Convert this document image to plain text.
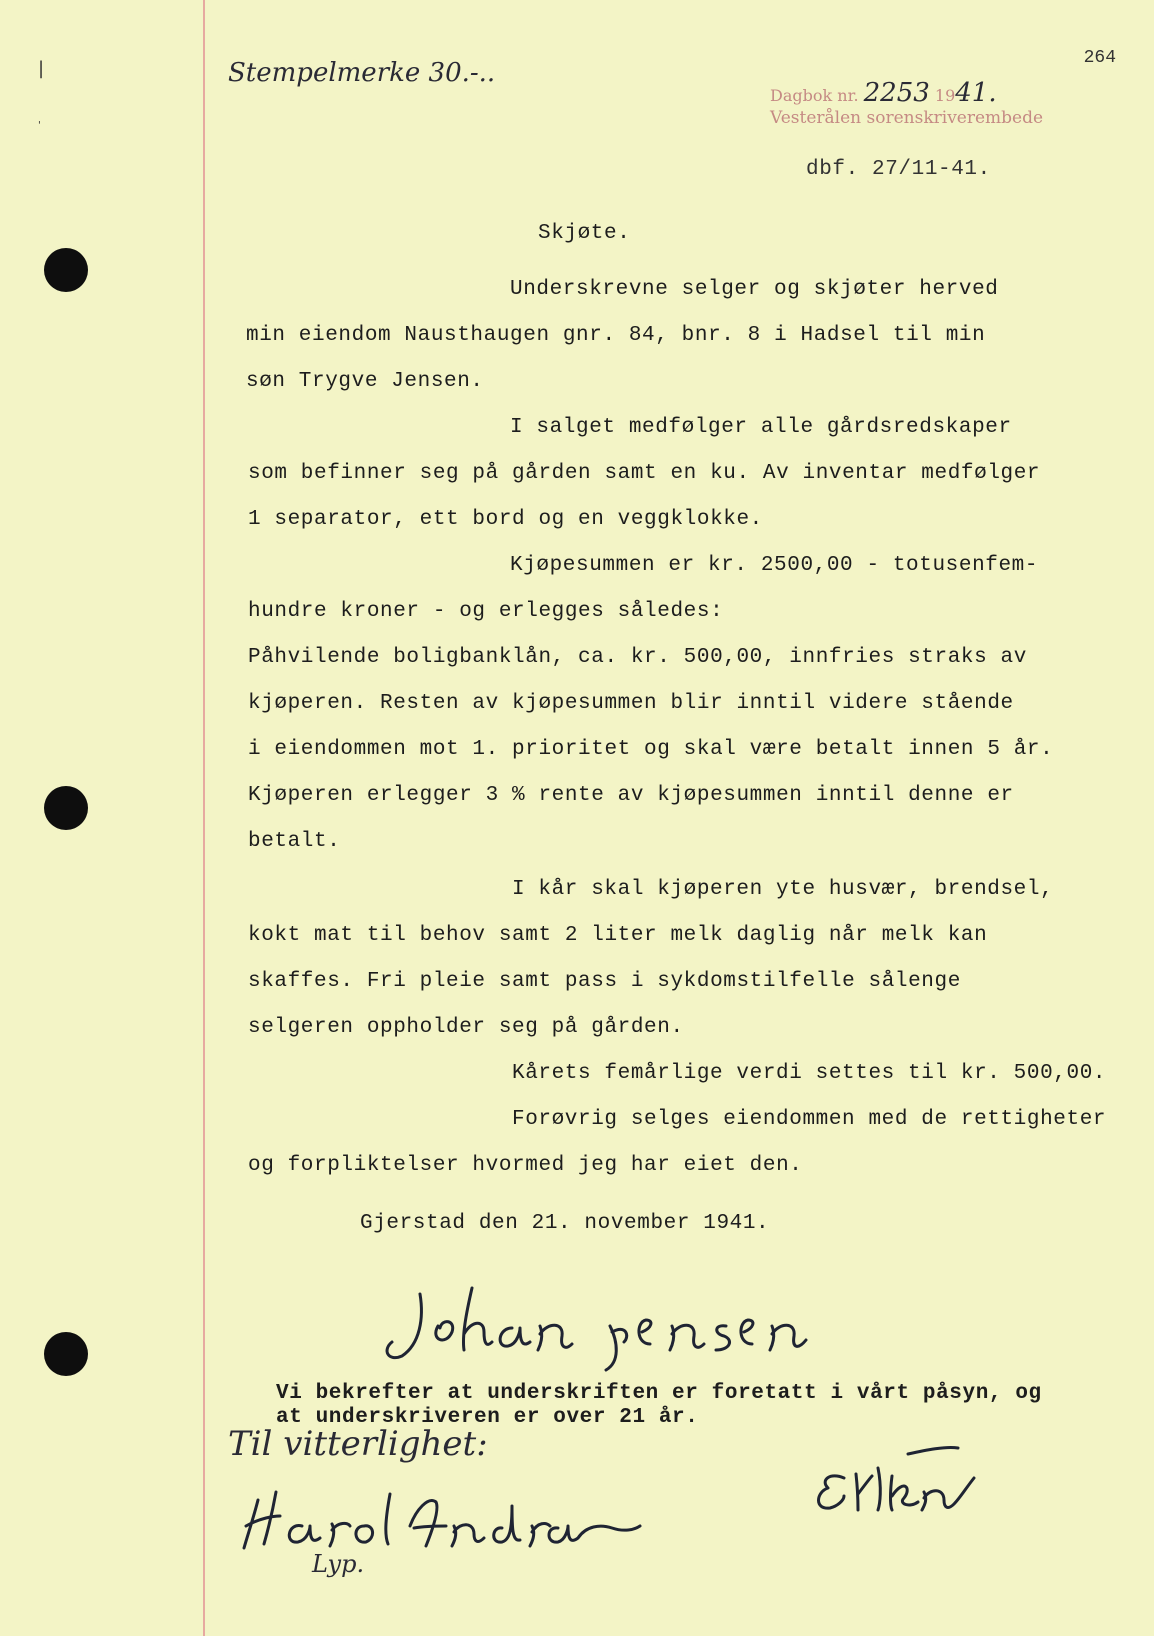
|
'
Stempelmerke 30.-..
Dagbok nr. 2253 1941.
Vesterålen sorenskriverembede
264
dbf. 27/11-41.
Skjøte.
Underskrevne selger og skjøter herved
min eiendom Nausthaugen gnr. 84, bnr. 8 i Hadsel til min
søn Trygve Jensen.
I salget medfølger alle gårdsredskaper
som befinner seg på gården samt en ku. Av inventar medfølger
1 separator, ett bord og en veggklokke.
Kjøpesummen er kr. 2500,00 - totusenfem-
hundre kroner - og erlegges således:
Påhvilende boligbanklån, ca. kr. 500,00, innfries straks av
kjøperen. Resten av kjøpesummen blir inntil videre stående
i eiendommen mot 1. prioritet og skal være betalt innen 5 år.
Kjøperen erlegger 3 % rente av kjøpesummen inntil denne er
betalt.
I kår skal kjøperen yte husvær, brendsel,
kokt mat til behov samt 2 liter melk daglig når melk kan
skaffes. Fri pleie samt pass i sykdomstilfelle sålenge
selgeren oppholder seg på gården.
Kårets femårlige verdi settes til kr. 500,00.
Forøvrig selges eiendommen med de rettigheter
og forpliktelser hvormed jeg har eiet den.
Gjerstad den 21. november 1941.
Vi bekrefter at underskriften er foretatt i vårt påsyn, og
at underskriveren er over 21 år.
Til vitterlighet:
Lyp.
